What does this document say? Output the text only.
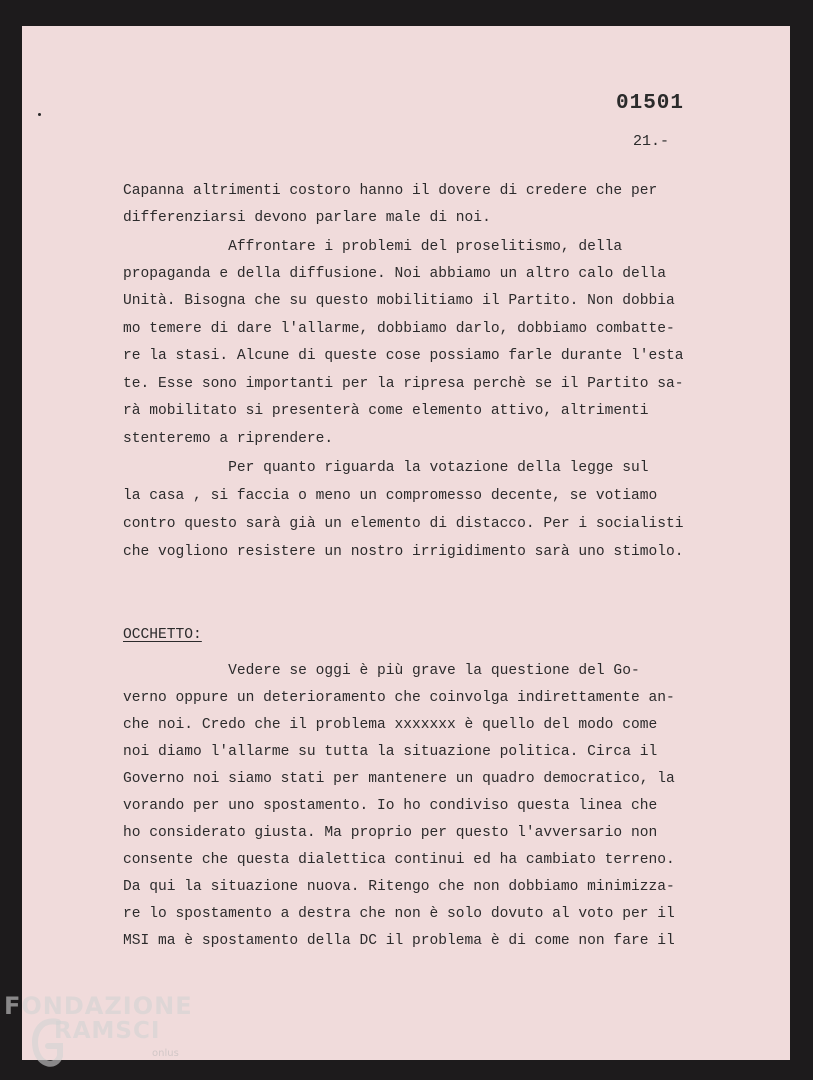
01501
21.-
Capanna altrimenti costoro hanno il dovere di credere che per
differenziarsi devono parlare male di noi.
Affrontare i problemi del proselitismo, della
propaganda e della diffusione. Noi abbiamo un altro calo della
Unità. Bisogna che su questo mobilitiamo il Partito. Non dobbia
mo temere di dare l'allarme, dobbiamo darlo, dobbiamo combatte-
re la stasi. Alcune di queste cose possiamo farle durante l'esta
te. Esse sono importanti per la ripresa perchè se il Partito sa-
rà mobilitato si presenterà come elemento attivo, altrimenti
stenteremo a riprendere.
Per quanto riguarda la votazione della legge sul
la casa , si faccia o meno un compromesso decente, se votiamo
contro questo sarà già un elemento di distacco. Per i socialisti
che vogliono resistere un nostro irrigidimento sarà uno stimolo.
OCCHETTO:
Vedere se oggi è più grave la questione del Go-
verno oppure un deterioramento che coinvolga indirettamente an-
che noi. Credo che il problema xxxxxxx è quello del modo come
noi diamo l'allarme su tutta la situazione politica. Circa il
Governo noi siamo stati per mantenere un quadro democratico, la
vorando per uno spostamento. Io ho condiviso questa linea che
ho considerato giusta. Ma proprio per questo l'avversario non
consente che questa dialettica continui ed ha cambiato terreno.
Da qui la situazione nuova. Ritengo che non dobbiamo minimizza-
re lo spostamento a destra che non è solo dovuto al voto per il
MSI ma è spostamento della DC il problema è di come non fare il
FONDAZIONE
RAMSCI
onlus
